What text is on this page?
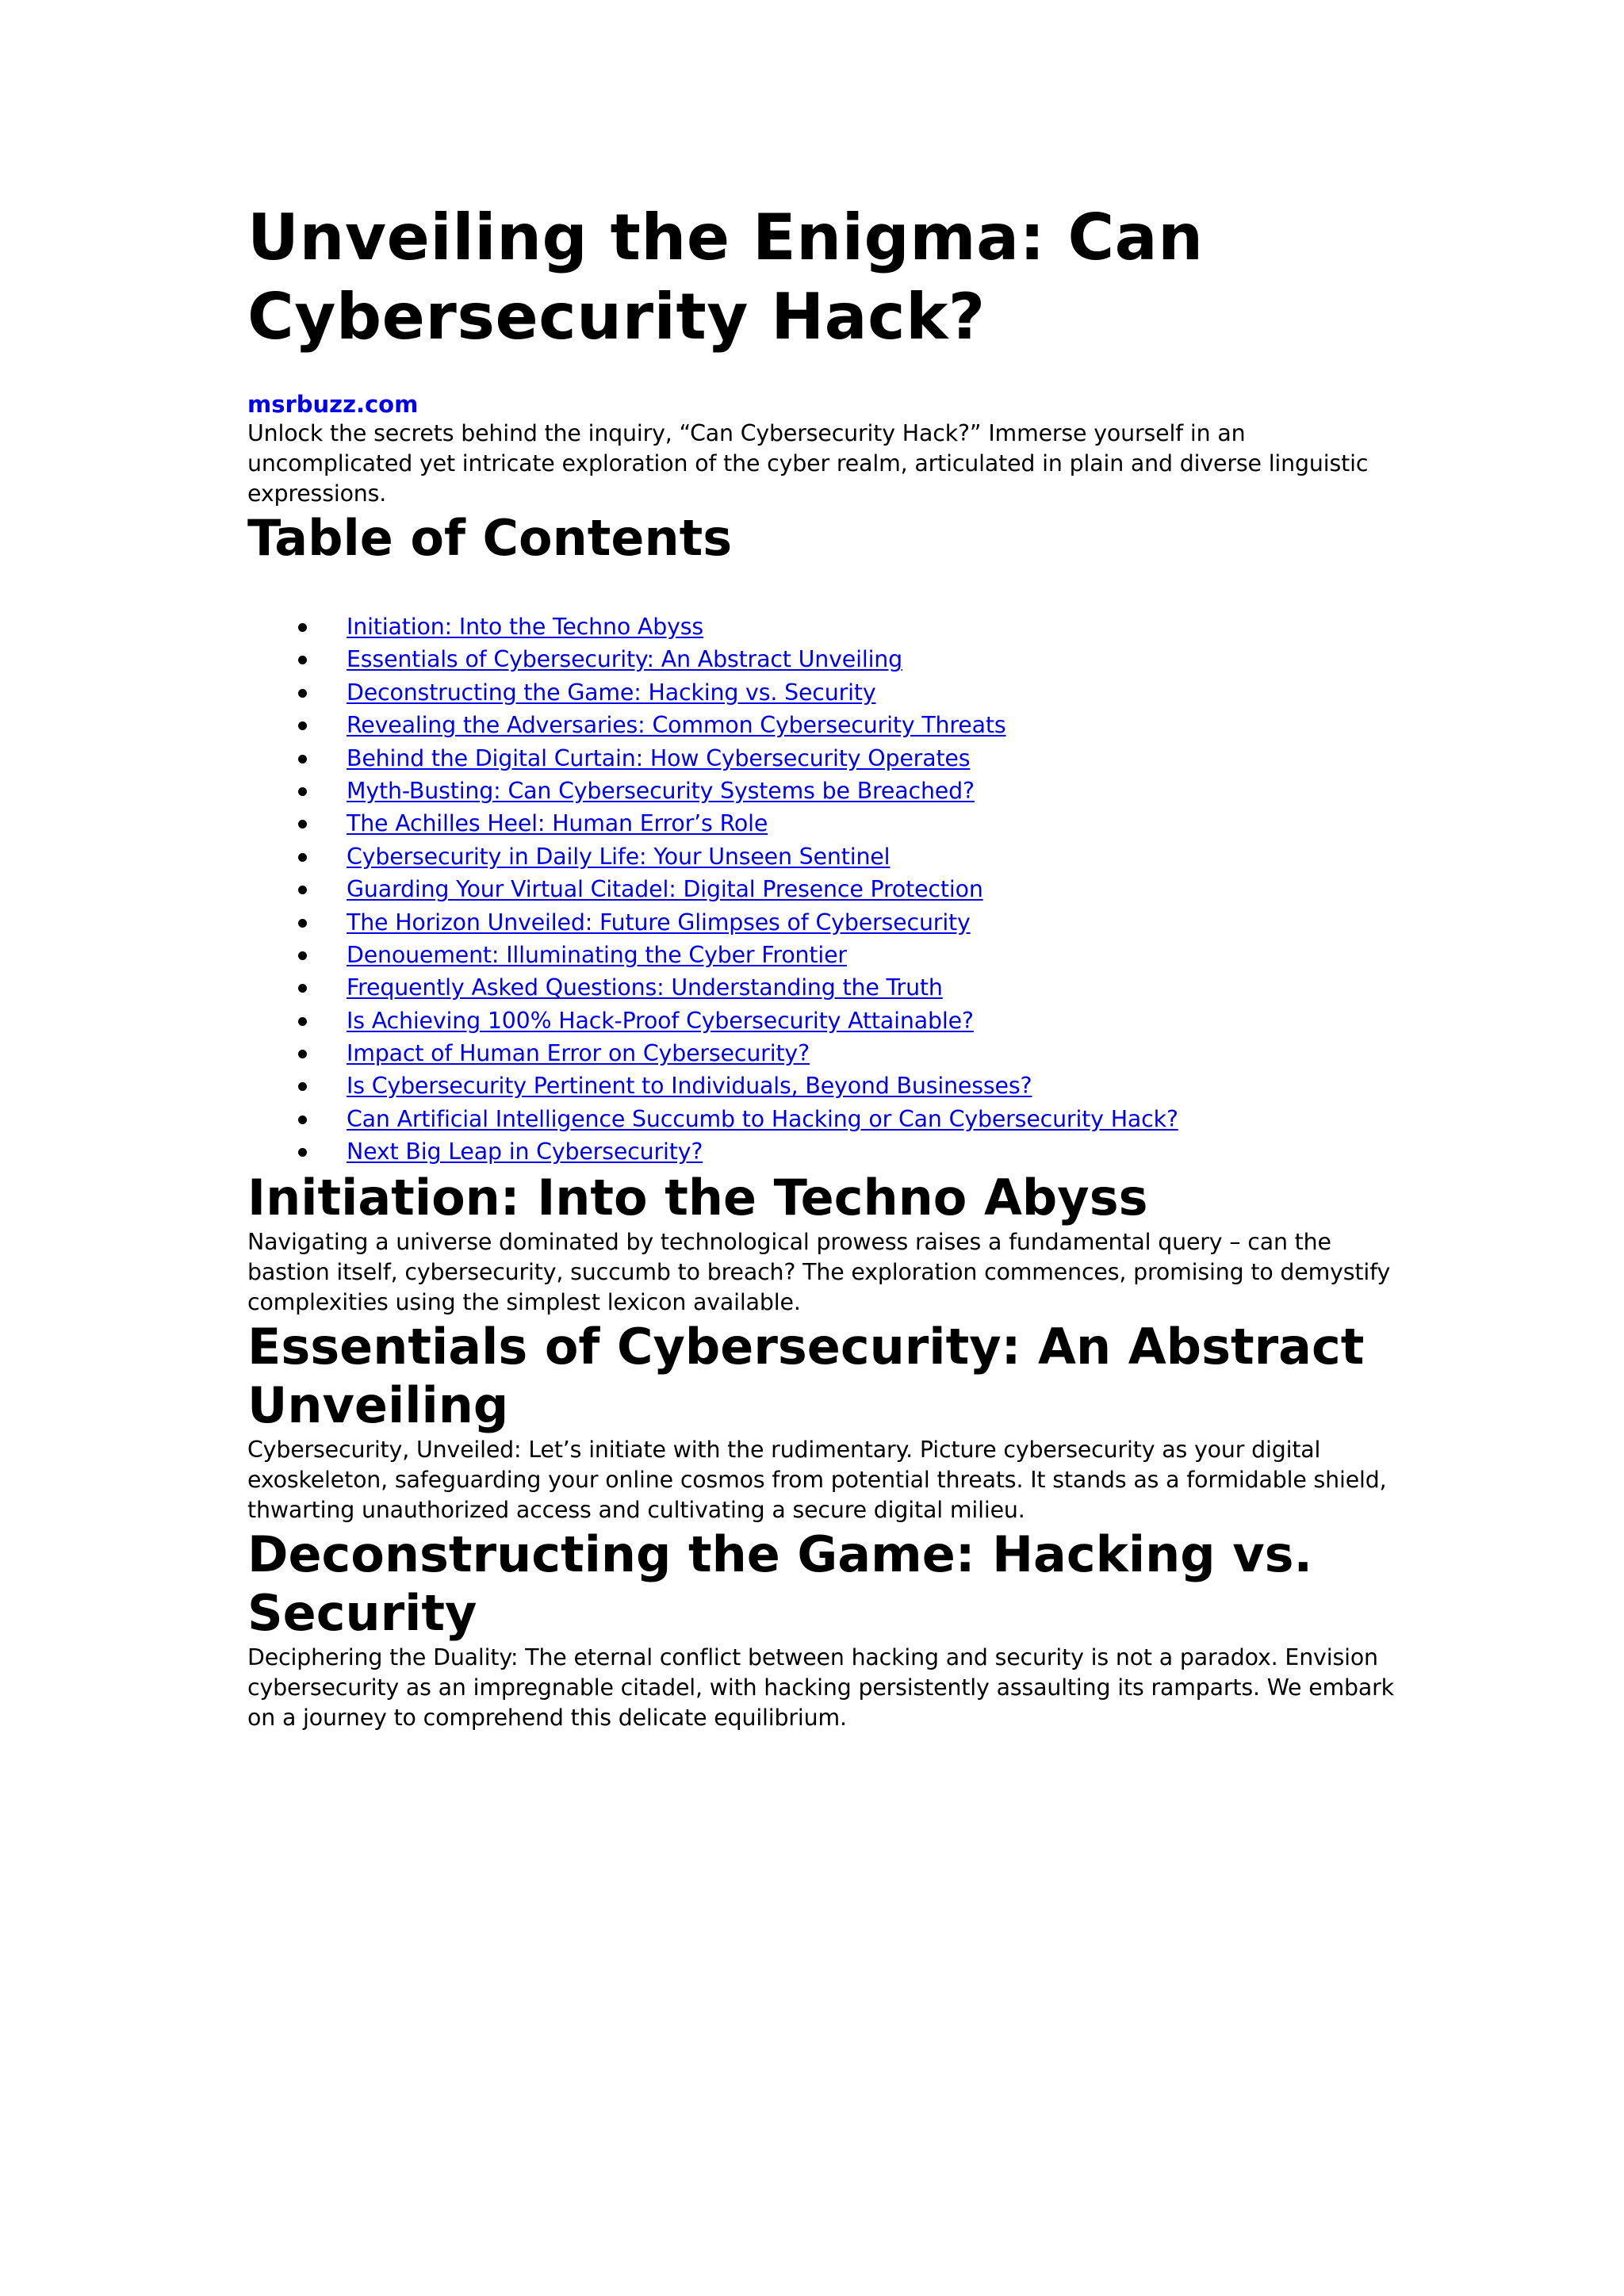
Unveiling the Enigma: Can Cybersecurity Hack?
msrbuzz.com

Unlock the secrets behind the inquiry, “Can Cybersecurity Hack?” Immerse yourself in an uncomplicated yet intricate exploration of the cyber realm, articulated in plain and diverse linguistic expressions.

Table of Contents
Initiation: Into the Techno Abyss
Essentials of Cybersecurity: An Abstract Unveiling
Deconstructing the Game: Hacking vs. Security
Revealing the Adversaries: Common Cybersecurity Threats
Behind the Digital Curtain: How Cybersecurity Operates
Myth-Busting: Can Cybersecurity Systems be Breached?
The Achilles Heel: Human Error’s Role
Cybersecurity in Daily Life: Your Unseen Sentinel
Guarding Your Virtual Citadel: Digital Presence Protection
The Horizon Unveiled: Future Glimpses of Cybersecurity
Denouement: Illuminating the Cyber Frontier
Frequently Asked Questions: Understanding the Truth
Is Achieving 100% Hack-Proof Cybersecurity Attainable?
Impact of Human Error on Cybersecurity?
Is Cybersecurity Pertinent to Individuals, Beyond Businesses?
Can Artificial Intelligence Succumb to Hacking or Can Cybersecurity Hack?
Next Big Leap in Cybersecurity?
Initiation: Into the Techno Abyss

Navigating a universe dominated by technological prowess raises a fundamental query – can the bastion itself, cybersecurity, succumb to breach? The exploration commences, promising to demystify complexities using the simplest lexicon available.

Essentials of Cybersecurity: An Abstract Unveiling

Cybersecurity, Unveiled: Let’s initiate with the rudimentary. Picture cybersecurity as your digital exoskeleton, safeguarding your online cosmos from potential threats. It stands as a formidable shield, thwarting unauthorized access and cultivating a secure digital milieu.

Deconstructing the Game: Hacking vs. Security

Deciphering the Duality: The eternal conflict between hacking and security is not a paradox. Envision cybersecurity as an impregnable citadel, with hacking persistently assaulting its ramparts. We embark on a journey to comprehend this delicate equilibrium.
